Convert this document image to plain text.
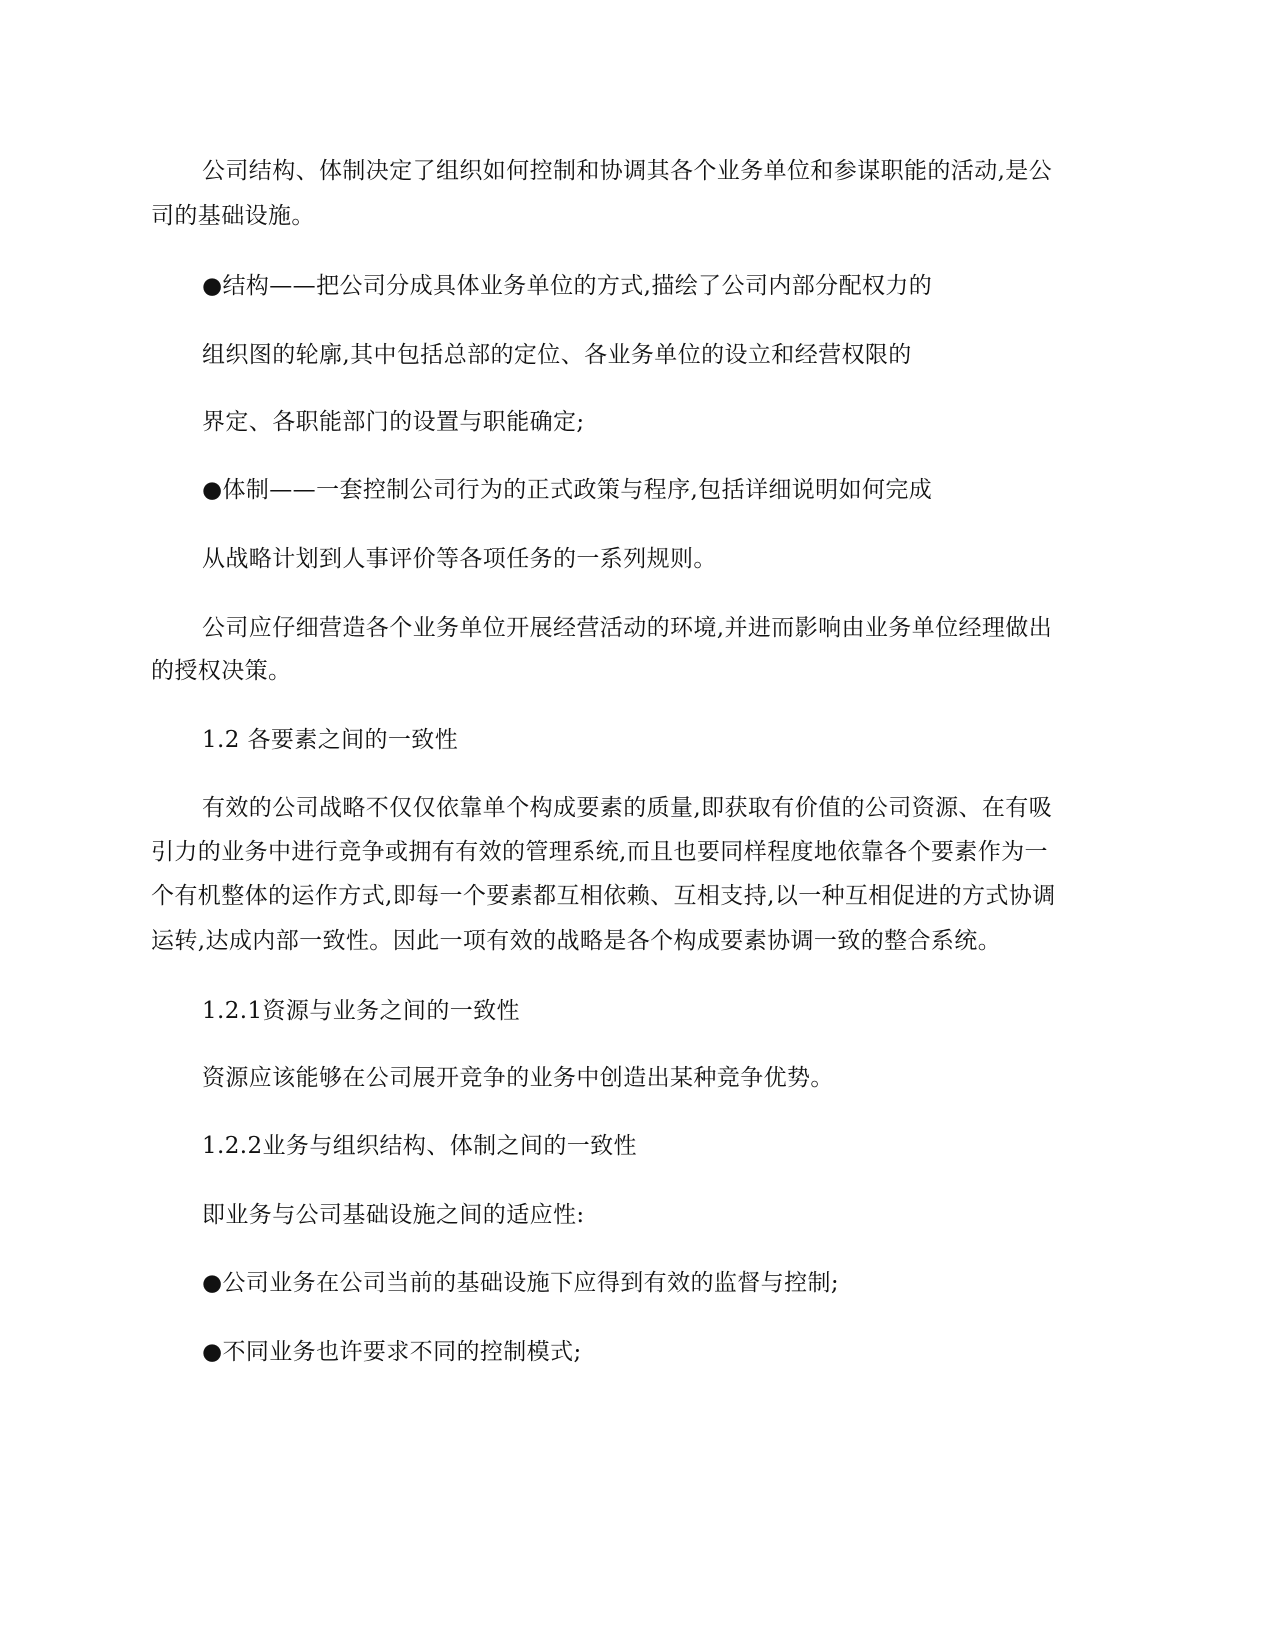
公司结构、体制决定了组织如何控制和协调其各个业务单位和参谋职能的活动,是公
司的基础设施。
●结构——把公司分成具体业务单位的方式,描绘了公司内部分配权力的
组织图的轮廓,其中包括总部的定位、各业务单位的设立和经营权限的
界定、各职能部门的设置与职能确定;
●体制——一套控制公司行为的正式政策与程序,包括详细说明如何完成
从战略计划到人事评价等各项任务的一系列规则。
公司应仔细营造各个业务单位开展经营活动的环境,并进而影响由业务单位经理做出
的授权决策。
1.2 各要素之间的一致性
有效的公司战略不仅仅依靠单个构成要素的质量,即获取有价值的公司资源、在有吸
引力的业务中进行竞争或拥有有效的管理系统,而且也要同样程度地依靠各个要素作为一
个有机整体的运作方式,即每一个要素都互相依赖、互相支持,以一种互相促进的方式协调
运转,达成内部一致性。因此一项有效的战略是各个构成要素协调一致的整合系统。
1.2.1资源与业务之间的一致性
资源应该能够在公司展开竞争的业务中创造出某种竞争优势。
1.2.2业务与组织结构、体制之间的一致性
即业务与公司基础设施之间的适应性:
●公司业务在公司当前的基础设施下应得到有效的监督与控制;
●不同业务也许要求不同的控制模式;
